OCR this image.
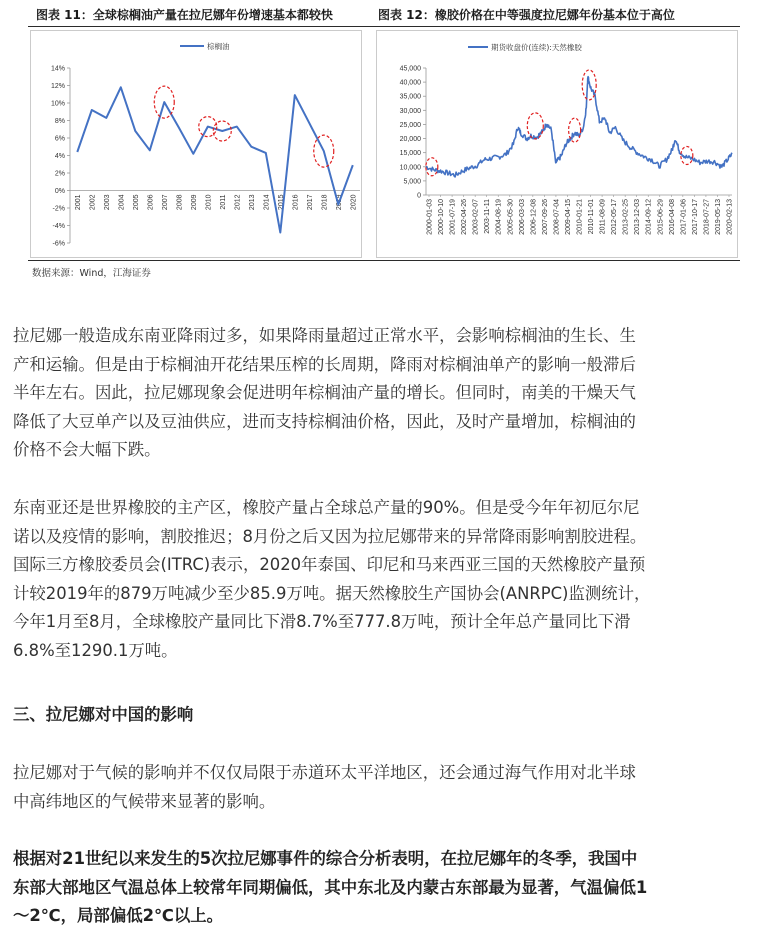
图表 11：全球棕榈油产量在拉尼娜年份增速基本都较快	图表 12：橡胶价格在中等强度拉尼娜年份基本位于高位
棕榈油
14%
12%
10%
8%
6%
4%
2%
0%
-2%
-4%
-6%
2001 2002 2003 2004 2005 2006 2007 2008 2009 2010 2011 2012 2013 2014 2015 2016 2017 2018 2019 2020
期货收盘价(连续):天然橡胶
45,000
40,000
35,000
30,000
25,000
20,000
15,000
10,000
5,000
0
2000-01-03 2000-10-10 2001-07-19 2002-04-26 2003-02-07 2003-11-11 2004-08-19 2005-05-30 2006-03-03 2006-12-08 2007-09-26 2008-07-04 2009-04-15 2010-01-21 2010-11-01 2011-08-09 2012-05-17 2013-02-25 2013-12-03 2014-09-12 2015-06-29 2016-04-08 2017-01-06 2017-10-17 2018-07-27 2019-05-13 2020-02-13
数据来源：Wind，江海证券
拉尼娜一般造成东南亚降雨过多，如果降雨量超过正常水平，会影响棕榈油的生长、生
产和运输。但是由于棕榈油开花结果压榨的长周期，降雨对棕榈油单产的影响一般滞后
半年左右。因此，拉尼娜现象会促进明年棕榈油产量的增长。但同时，南美的干燥天气
降低了大豆单产以及豆油供应，进而支持棕榈油价格，因此，及时产量增加，棕榈油的
价格不会大幅下跌。
东南亚还是世界橡胶的主产区，橡胶产量占全球总产量的90%。但是受今年年初厄尔尼
诺以及疫情的影响，割胶推迟；8月份之后又因为拉尼娜带来的异常降雨影响割胶进程。
国际三方橡胶委员会(ITRC)表示，2020年泰国、印尼和马来西亚三国的天然橡胶产量预
计较2019年的879万吨减少至少85.9万吨。据天然橡胶生产国协会(ANRPC)监测统计，
今年1月至8月，全球橡胶产量同比下滑8.7%至777.8万吨，预计全年总产量同比下滑
6.8%至1290.1万吨。
三、拉尼娜对中国的影响
拉尼娜对于气候的影响并不仅仅局限于赤道环太平洋地区，还会通过海气作用对北半球
中高纬地区的气候带来显著的影响。
根据对21世纪以来发生的5次拉尼娜事件的综合分析表明，在拉尼娜年的冬季，我国中
东部大部地区气温总体上较常年同期偏低，其中东北及内蒙古东部最为显著，气温偏低1
～2℃，局部偏低2℃以上。
